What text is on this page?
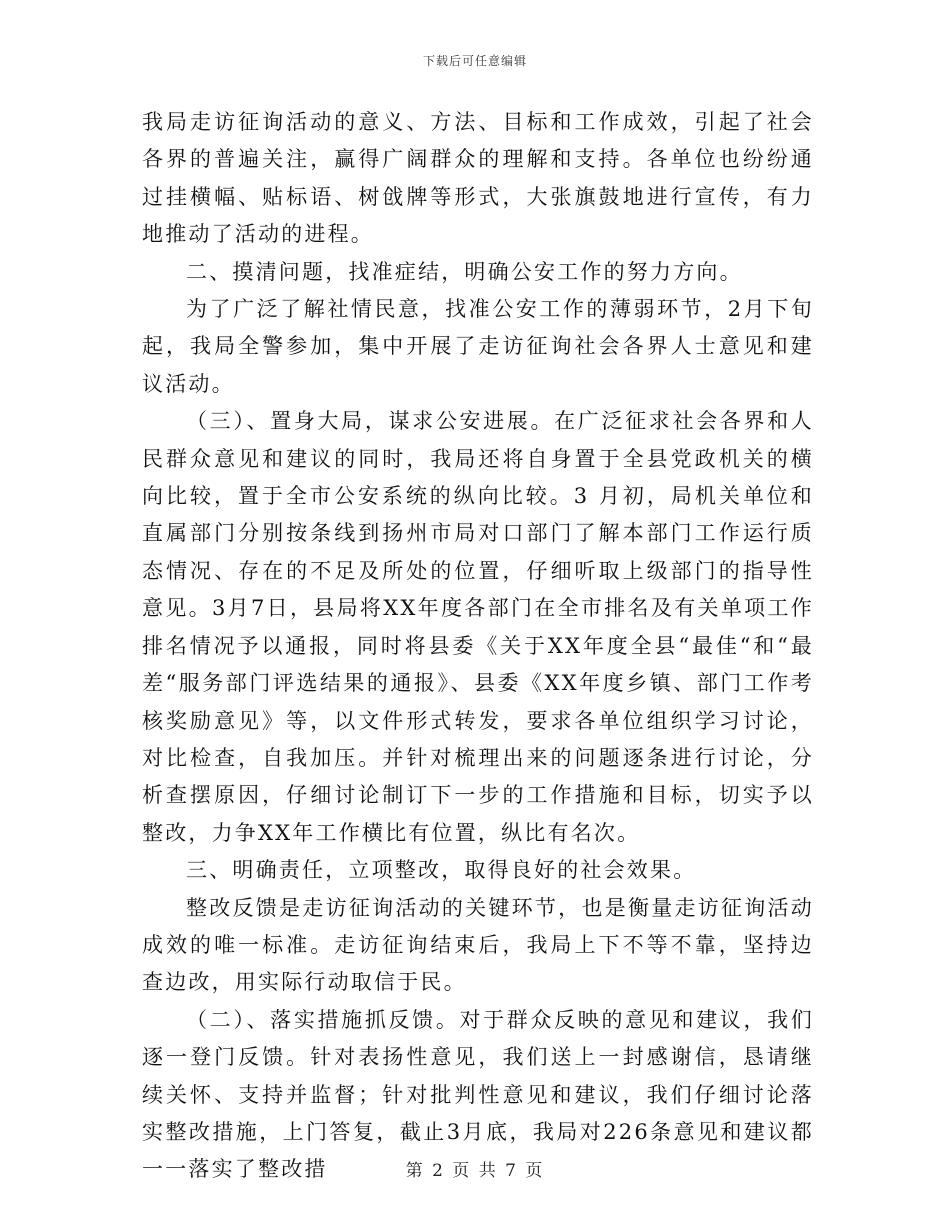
下载后可任意编辑

我局走访征询活动的意义、方法、目标和工作成效，引起了社会各界的普遍关注，赢得广阔群众的理解和支持。各单位也纷纷通过挂横幅、贴标语、树戗牌等形式，大张旗鼓地进行宣传，有力地推动了活动的进程。

二、摸清问题，找准症结，明确公安工作的努力方向。

为了广泛了解社情民意，找准公安工作的薄弱环节，2月下旬起，我局全警参加，集中开展了走访征询社会各界人士意见和建议活动。

（三）、置身大局，谋求公安进展。在广泛征求社会各界和人民群众意见和建议的同时，我局还将自身置于全县党政机关的横向比较，置于全市公安系统的纵向比较。3 月初，局机关单位和直属部门分别按条线到扬州市局对口部门了解本部门工作运行质态情况、存在的不足及所处的位置，仔细听取上级部门的指导性意见。3月7日，县局将XX年度各部门在全市排名及有关单项工作排名情况予以通报，同时将县委《关于XX年度全县“最佳“和“最差“服务部门评选结果的通报》、县委《XX年度乡镇、部门工作考核奖励意见》等，以文件形式转发，要求各单位组织学习讨论，对比检查，自我加压。并针对梳理出来的问题逐条进行讨论，分析查摆原因，仔细讨论制订下一步的工作措施和目标，切实予以整改，力争XX年工作横比有位置，纵比有名次。

三、明确责任，立项整改，取得良好的社会效果。

整改反馈是走访征询活动的关键环节，也是衡量走访征询活动成效的唯一标准。走访征询结束后，我局上下不等不靠，坚持边查边改，用实际行动取信于民。

（二）、落实措施抓反馈。对于群众反映的意见和建议，我们逐一登门反馈。针对表扬性意见，我们送上一封感谢信，恳请继续关怀、支持并监督；针对批判性意见和建议，我们仔细讨论落实整改措施，上门答复，截止3月底，我局对226条意见和建议都一一落实了整改措	第 2 页 共 7 页
